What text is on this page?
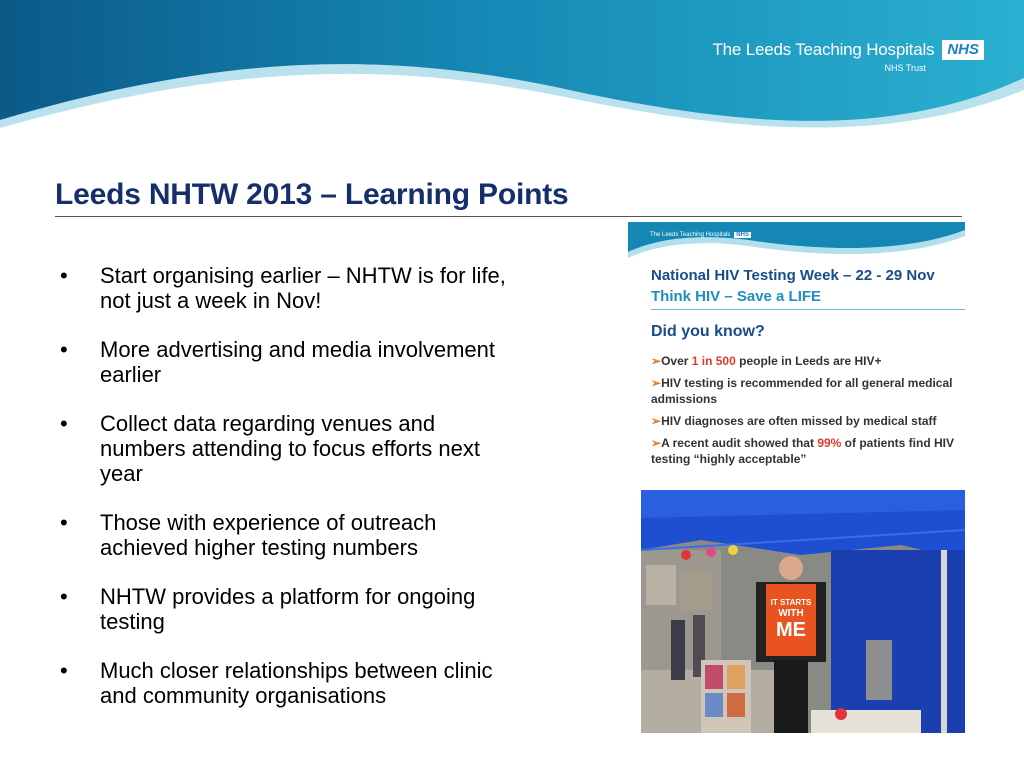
The Leeds Teaching Hospitals NHS
NHS Trust
Leeds NHTW 2013 – Learning Points
•	Start organising earlier – NHTW is for life, not just a week in Nov!
•	More advertising and media involvement earlier
•	Collect data regarding venues and numbers attending to focus efforts next year
•	Those with experience of outreach achieved higher testing numbers
•	NHTW provides a platform for ongoing testing
•	Much closer relationships between clinic and community organisations
The Leeds Teaching Hospitals	NHS
NHS Trust
National HIV Testing Week – 22 - 29 Nov
Think HIV – Save a LIFE
Did you know?
➢Over 1 in 500 people in Leeds are HIV+
➢HIV testing is recommended for all general medical admissions
➢HIV diagnoses are often missed by medical staff
➢A recent audit showed that 99% of patients find HIV testing “highly acceptable”
IT STARTS
WITH
ME
